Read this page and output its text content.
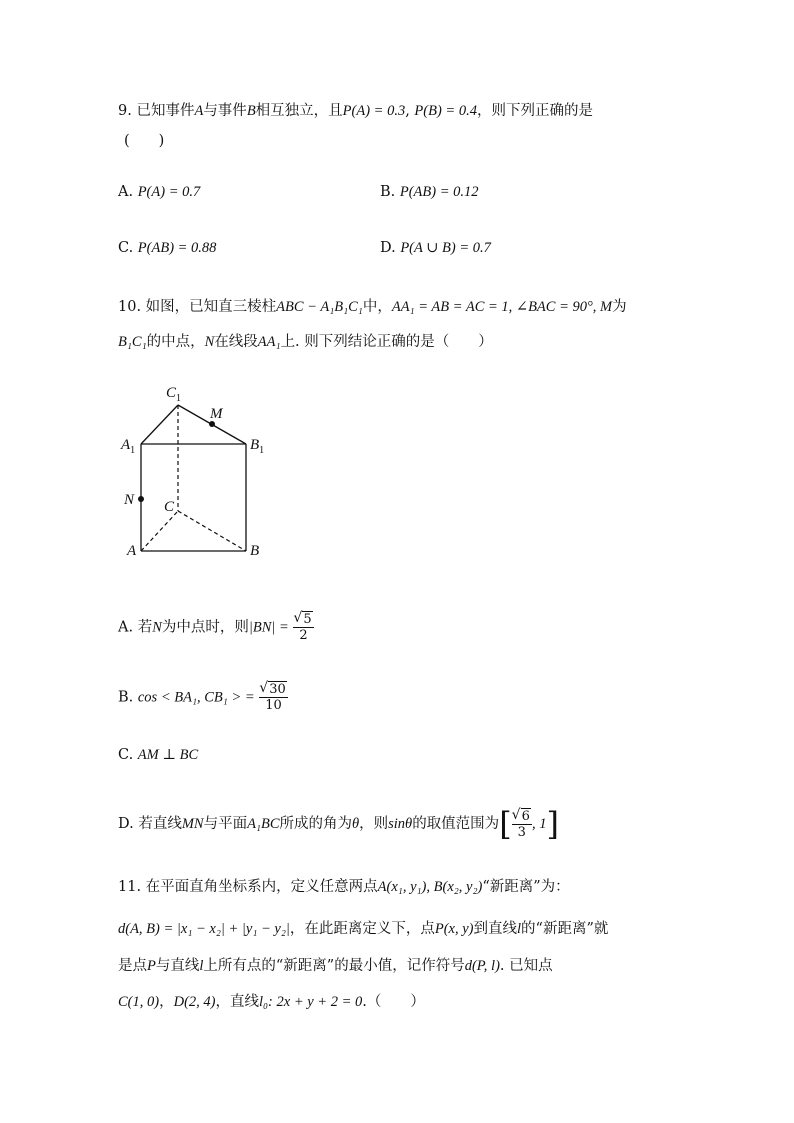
9. 已知事件A与事件B相互独立，且P(A) = 0.3, P(B) = 0.4，则下列正确的是
(　　)
A. P(A) = 0.7	B. P(AB) = 0.12
C. P(AB) = 0.88	D. P(A ∪ B) = 0.7
10. 如图，已知直三棱柱ABC − A₁B₁C₁中，AA₁ = AB = AC = 1, ∠BAC = 90°, M为
B₁C₁的中点，N在线段AA₁上. 则下列结论正确的是（　　）
$C_1$
M
$A_1$	$B_1$
N C
A	B
A. 若N为中点时，则|BN| = √ $\frac{5}{2}$
B. cos < BA₁, CB₁ > = √ $\frac{30}{10}$
C. AM ⊥ BC
D. 若直线MN与平面A₁BC所成的角为θ，则sinθ的取值范围为[ √ $\frac{6}{3}$ , 1]
11. 在平面直角坐标系内，定义任意两点A(x₁, y₁), B(x₂, y₂)“新距离”为：
d(A, B) = |x₁ − x₂| + |y₁ − y₂|，在此距离定义下，点P(x, y)到直线l的“新距离”就
是点P与直线l上所有点的“新距离”的最小值，记作符号d(P, l). 已知点
C(1, 0)，D(2, 4)，直线l₀: 2x + y + 2 = 0.（　　）
